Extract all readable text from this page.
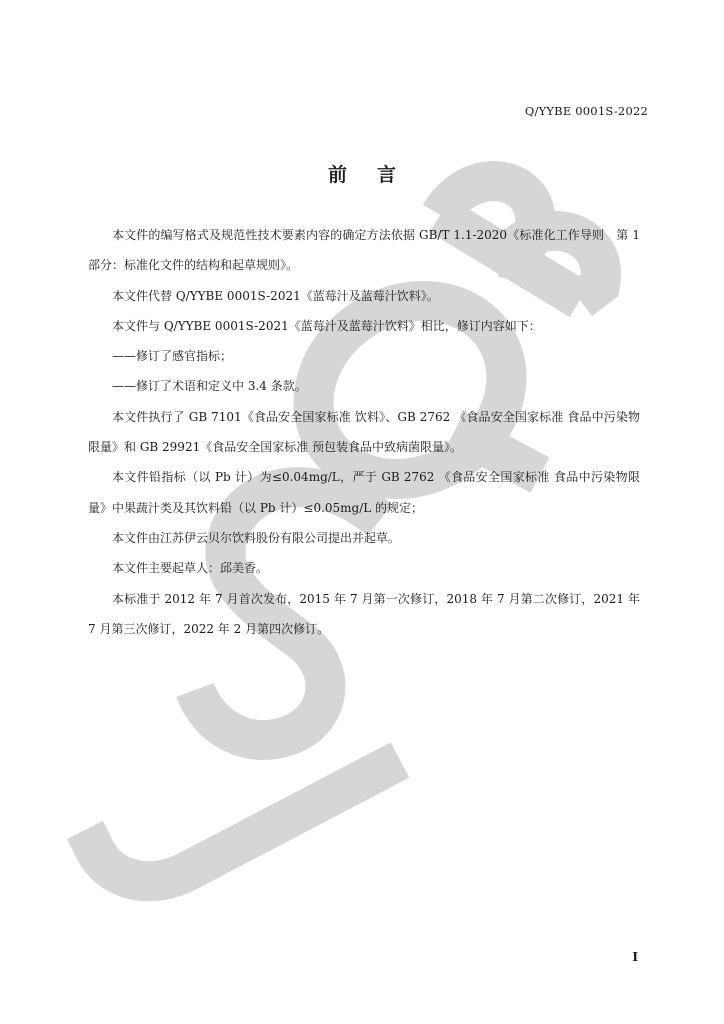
Q/YYBE 0001S-2022
前言

本文件的编写格式及规范性技术要素内容的确定方法依据 GB/T 1.1-2020《标准化工作导则　第 1 部分：标准化文件的结构和起草规则》。

本文件代替 Q/YYBE 0001S-2021《蓝莓汁及蓝莓汁饮料》。

本文件与 Q/YYBE 0001S-2021《蓝莓汁及蓝莓汁饮料》相比，修订内容如下：

——修订了感官指标；

——修订了术语和定义中 3.4 条款。

本文件执行了 GB 7101《食品安全国家标准 饮料》、GB 2762 《食品安全国家标准 食品中污染物限量》和 GB 29921《食品安全国家标准 预包装食品中致病菌限量》。

本文件铅指标（以 Pb 计）为≤0.04mg/L，严于 GB 2762 《食品安全国家标准 食品中污染物限量》中果蔬汁类及其饮料铅（以 Pb 计）≤0.05mg/L 的规定；

本文件由江苏伊云贝尔饮料股份有限公司提出并起草。

本文件主要起草人：邱美香。

本标准于 2012 年 7 月首次发布，2015 年 7 月第一次修订，2018 年 7 月第二次修订，2021 年 7 月第三次修订，2022 年 2 月第四次修订。

I
